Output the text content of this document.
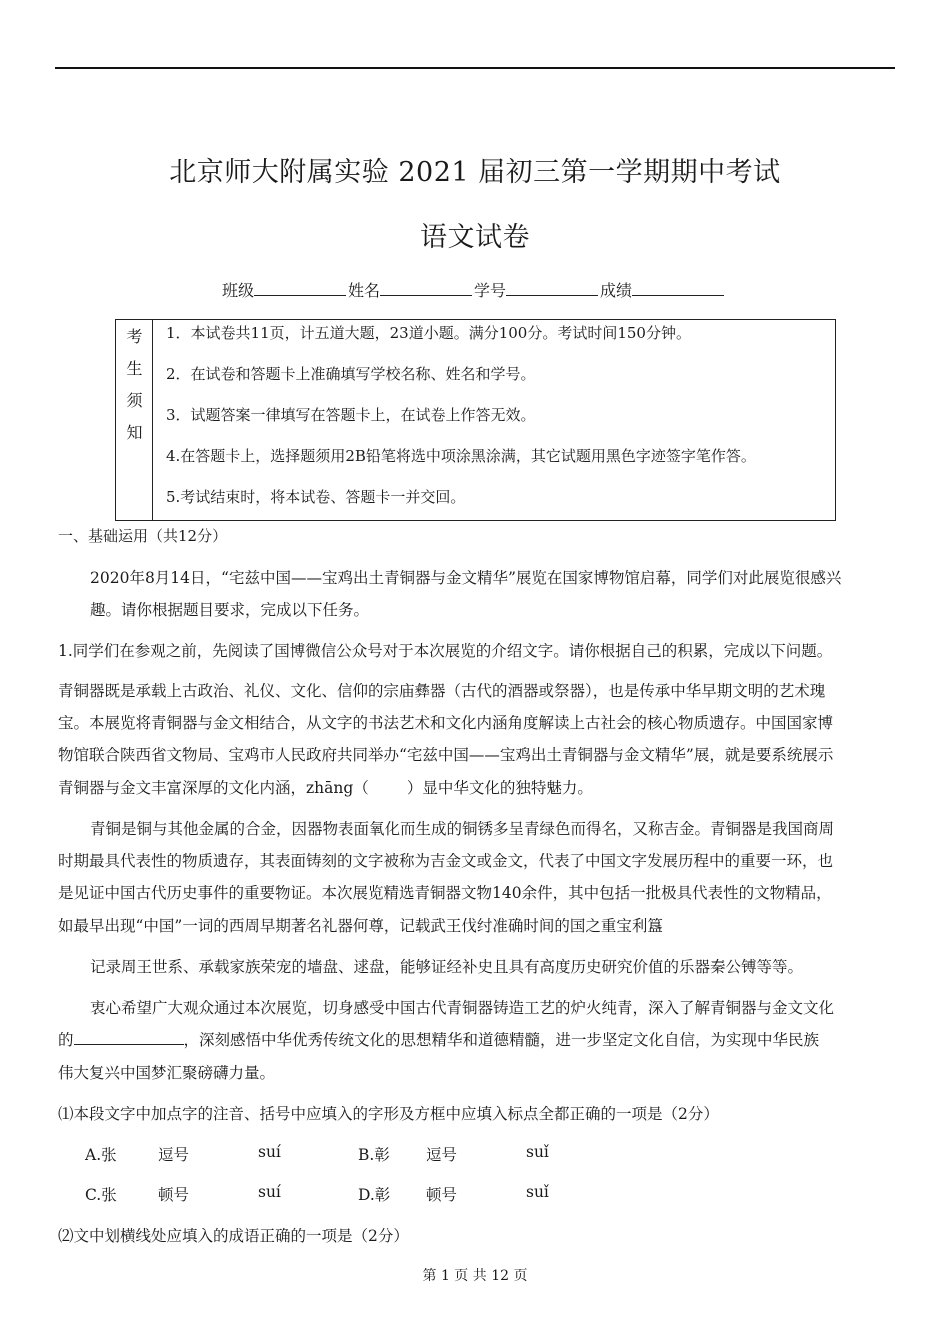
北京师大附属实验 2021 届初三第一学期期中考试
语文试卷
班级	姓名	学号	成绩
考
生
须
知
1．本试卷共11页，计五道大题，23道小题。满分100分。考试时间150分钟。
2．在试卷和答题卡上准确填写学校名称、姓名和学号。
3．试题答案一律填写在答题卡上，在试卷上作答无效。
4.在答题卡上，选择题须用2B铅笔将选中项涂黑涂满，其它试题用黑色字迹签字笔作答。
5.考试结束时，将本试卷、答题卡一并交回。
一、基础运用（共12分）
2020年8月14日，“宅兹中国——宝鸡出土青铜器与金文精华”展览在国家博物馆启幕，同学们对此展览很感兴
趣。请你根据题目要求，完成以下任务。
1.同学们在参观之前，先阅读了国博微信公众号对于本次展览的介绍文字。请你根据自己的积累，完成以下问题。
青铜器既是承载上古政治、礼仪、文化、信仰的宗庙彝器（古代的酒器或祭器），也是传承中华早期文明的艺术瑰
宝。本展览将青铜器与金文相结合，从文字的书法艺术和文化内涵角度解读上古社会的核心物质遗存。中国国家博
物馆联合陕西省文物局、宝鸡市人民政府共同举办“宅兹中国——宝鸡出土青铜器与金文精华”展，就是要系统展示
青铜器与金文丰富深厚的文化内涵，zhāng（ ）显中华文化的独特魅力。
青铜是铜与其他金属的合金，因器物表面氧化而生成的铜锈多呈青绿色而得名，又称吉金。青铜器是我国商周
时期最具代表性的物质遗存，其表面铸刻的文字被称为吉金文或金文，代表了中国文字发展历程中的重要一环，也
是见证中国古代历史事件的重要物证。本次展览精选青铜器文物140余件，其中包括一批极具代表性的文物精品，
如最早出现“中国”一词的西周早期著名礼器何尊，记载武王伐纣准确时间的国之重宝利簋
记录周王世系、承载家族荣宠的墙盘、逑盘，能够证经补史且具有高度历史研究价值的乐器秦公镈等等。
衷心希望广大观众通过本次展览，切身感受中国古代青铜器铸造工艺的炉火纯青，深入了解青铜器与金文文化
的	，深刻感悟中华优秀传统文化的思想精华和道德精髓，进一步坚定文化自信，为实现中华民族
伟大复兴中国梦汇聚磅礴力量。
⑴本段文字中加点字的注音、括号中应填入的字形及方框中应填入标点全都正确的一项是（2分）
A.张	逗号	suí	B.彰 逗号	suǐ
C.张	顿号	suí	D.彰 顿号	suǐ
⑵文中划横线处应填入的成语正确的一项是（2分）
第 1 页 共 12 页
